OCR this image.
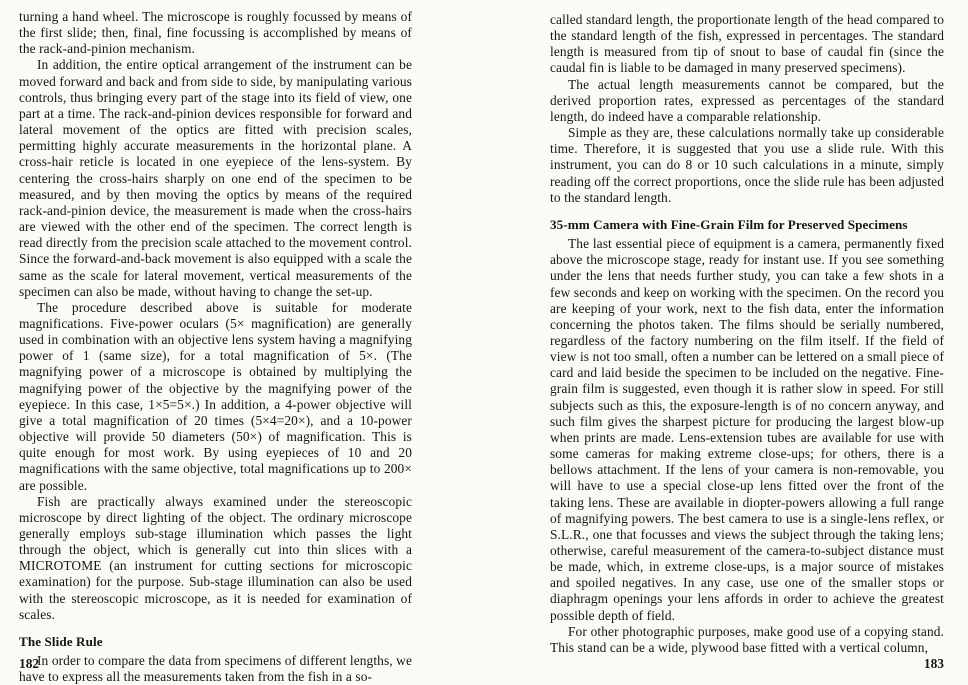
turning a hand wheel. The microscope is roughly focussed by means of the first slide; then, final, fine focussing is accomplished by means of the rack-and-pinion mechanism.

In addition, the entire optical arrangement of the instrument can be moved forward and back and from side to side, by manipulating various controls, thus bringing every part of the stage into its field of view, one part at a time. The rack-and-pinion devices responsible for forward and lateral movement of the optics are fitted with precision scales, permitting highly accurate measurements in the horizontal plane. A cross-hair reticle is located in one eyepiece of the lens-system. By centering the cross-hairs sharply on one end of the specimen to be measured, and by then moving the optics by means of the required rack-and-pinion device, the measurement is made when the cross-hairs are viewed with the other end of the specimen. The correct length is read directly from the precision scale attached to the movement control. Since the forward-and-back movement is also equipped with a scale the same as the scale for lateral movement, vertical measurements of the specimen can also be made, without having to change the set-up.

The procedure described above is suitable for moderate magnifications. Five-power oculars (5× magnification) are generally used in combination with an objective lens system having a magnifying power of 1 (same size), for a total magnification of 5×. (The magnifying power of a microscope is obtained by multiplying the magnifying power of the objective by the magnifying power of the eyepiece. In this case, 1×5=5×.) In addition, a 4-power objective will give a total magnification of 20 times (5×4=20×), and a 10-power objective will provide 50 diameters (50×) of magnification. This is quite enough for most work. By using eyepieces of 10 and 20 magnifications with the same objective, total magnifications up to 200× are possible.

Fish are practically always examined under the stereoscopic microscope by direct lighting of the object. The ordinary microscope generally employs sub-stage illumination which passes the light through the object, which is generally cut into thin slices with a MICROTOME (an instrument for cutting sections for microscopic examination) for the purpose. Sub-stage illumination can also be used with the stereoscopic microscope, as it is needed for examination of scales.

The Slide Rule

In order to compare the data from specimens of different lengths, we have to express all the measurements taken from the fish in a so-

182

called standard length, the proportionate length of the head compared to the standard length of the fish, expressed in percentages. The standard length is measured from tip of snout to base of caudal fin (since the caudal fin is liable to be damaged in many preserved specimens).

The actual length measurements cannot be compared, but the derived proportion rates, expressed as percentages of the standard length, do indeed have a comparable relationship.

Simple as they are, these calculations normally take up considerable time. Therefore, it is suggested that you use a slide rule. With this instrument, you can do 8 or 10 such calculations in a minute, simply reading off the correct proportions, once the slide rule has been adjusted to the standard length.

35-mm Camera with Fine-Grain Film for Preserved Specimens

The last essential piece of equipment is a camera, permanently fixed above the microscope stage, ready for instant use. If you see something under the lens that needs further study, you can take a few shots in a few seconds and keep on working with the specimen. On the record you are keeping of your work, next to the fish data, enter the information concerning the photos taken. The films should be serially numbered, regardless of the factory numbering on the film itself. If the field of view is not too small, often a number can be lettered on a small piece of card and laid beside the specimen to be included on the negative. Fine-grain film is suggested, even though it is rather slow in speed. For still subjects such as this, the exposure-length is of no concern anyway, and such film gives the sharpest picture for producing the largest blow-up when prints are made. Lens-extension tubes are available for use with some cameras for making extreme close-ups; for others, there is a bellows attachment. If the lens of your camera is non-removable, you will have to use a special close-up lens fitted over the front of the taking lens. These are available in diopter-powers allowing a full range of magnifying powers. The best camera to use is a single-lens reflex, or S.L.R., one that focusses and views the subject through the taking lens; otherwise, careful measurement of the camera-to-subject distance must be made, which, in extreme close-ups, is a major source of mistakes and spoiled negatives. In any case, use one of the smaller stops or diaphragm openings your lens affords in order to achieve the greatest possible depth of field.

For other photographic purposes, make good use of a copying stand. This stand can be a wide, plywood base fitted with a vertical column,

183
